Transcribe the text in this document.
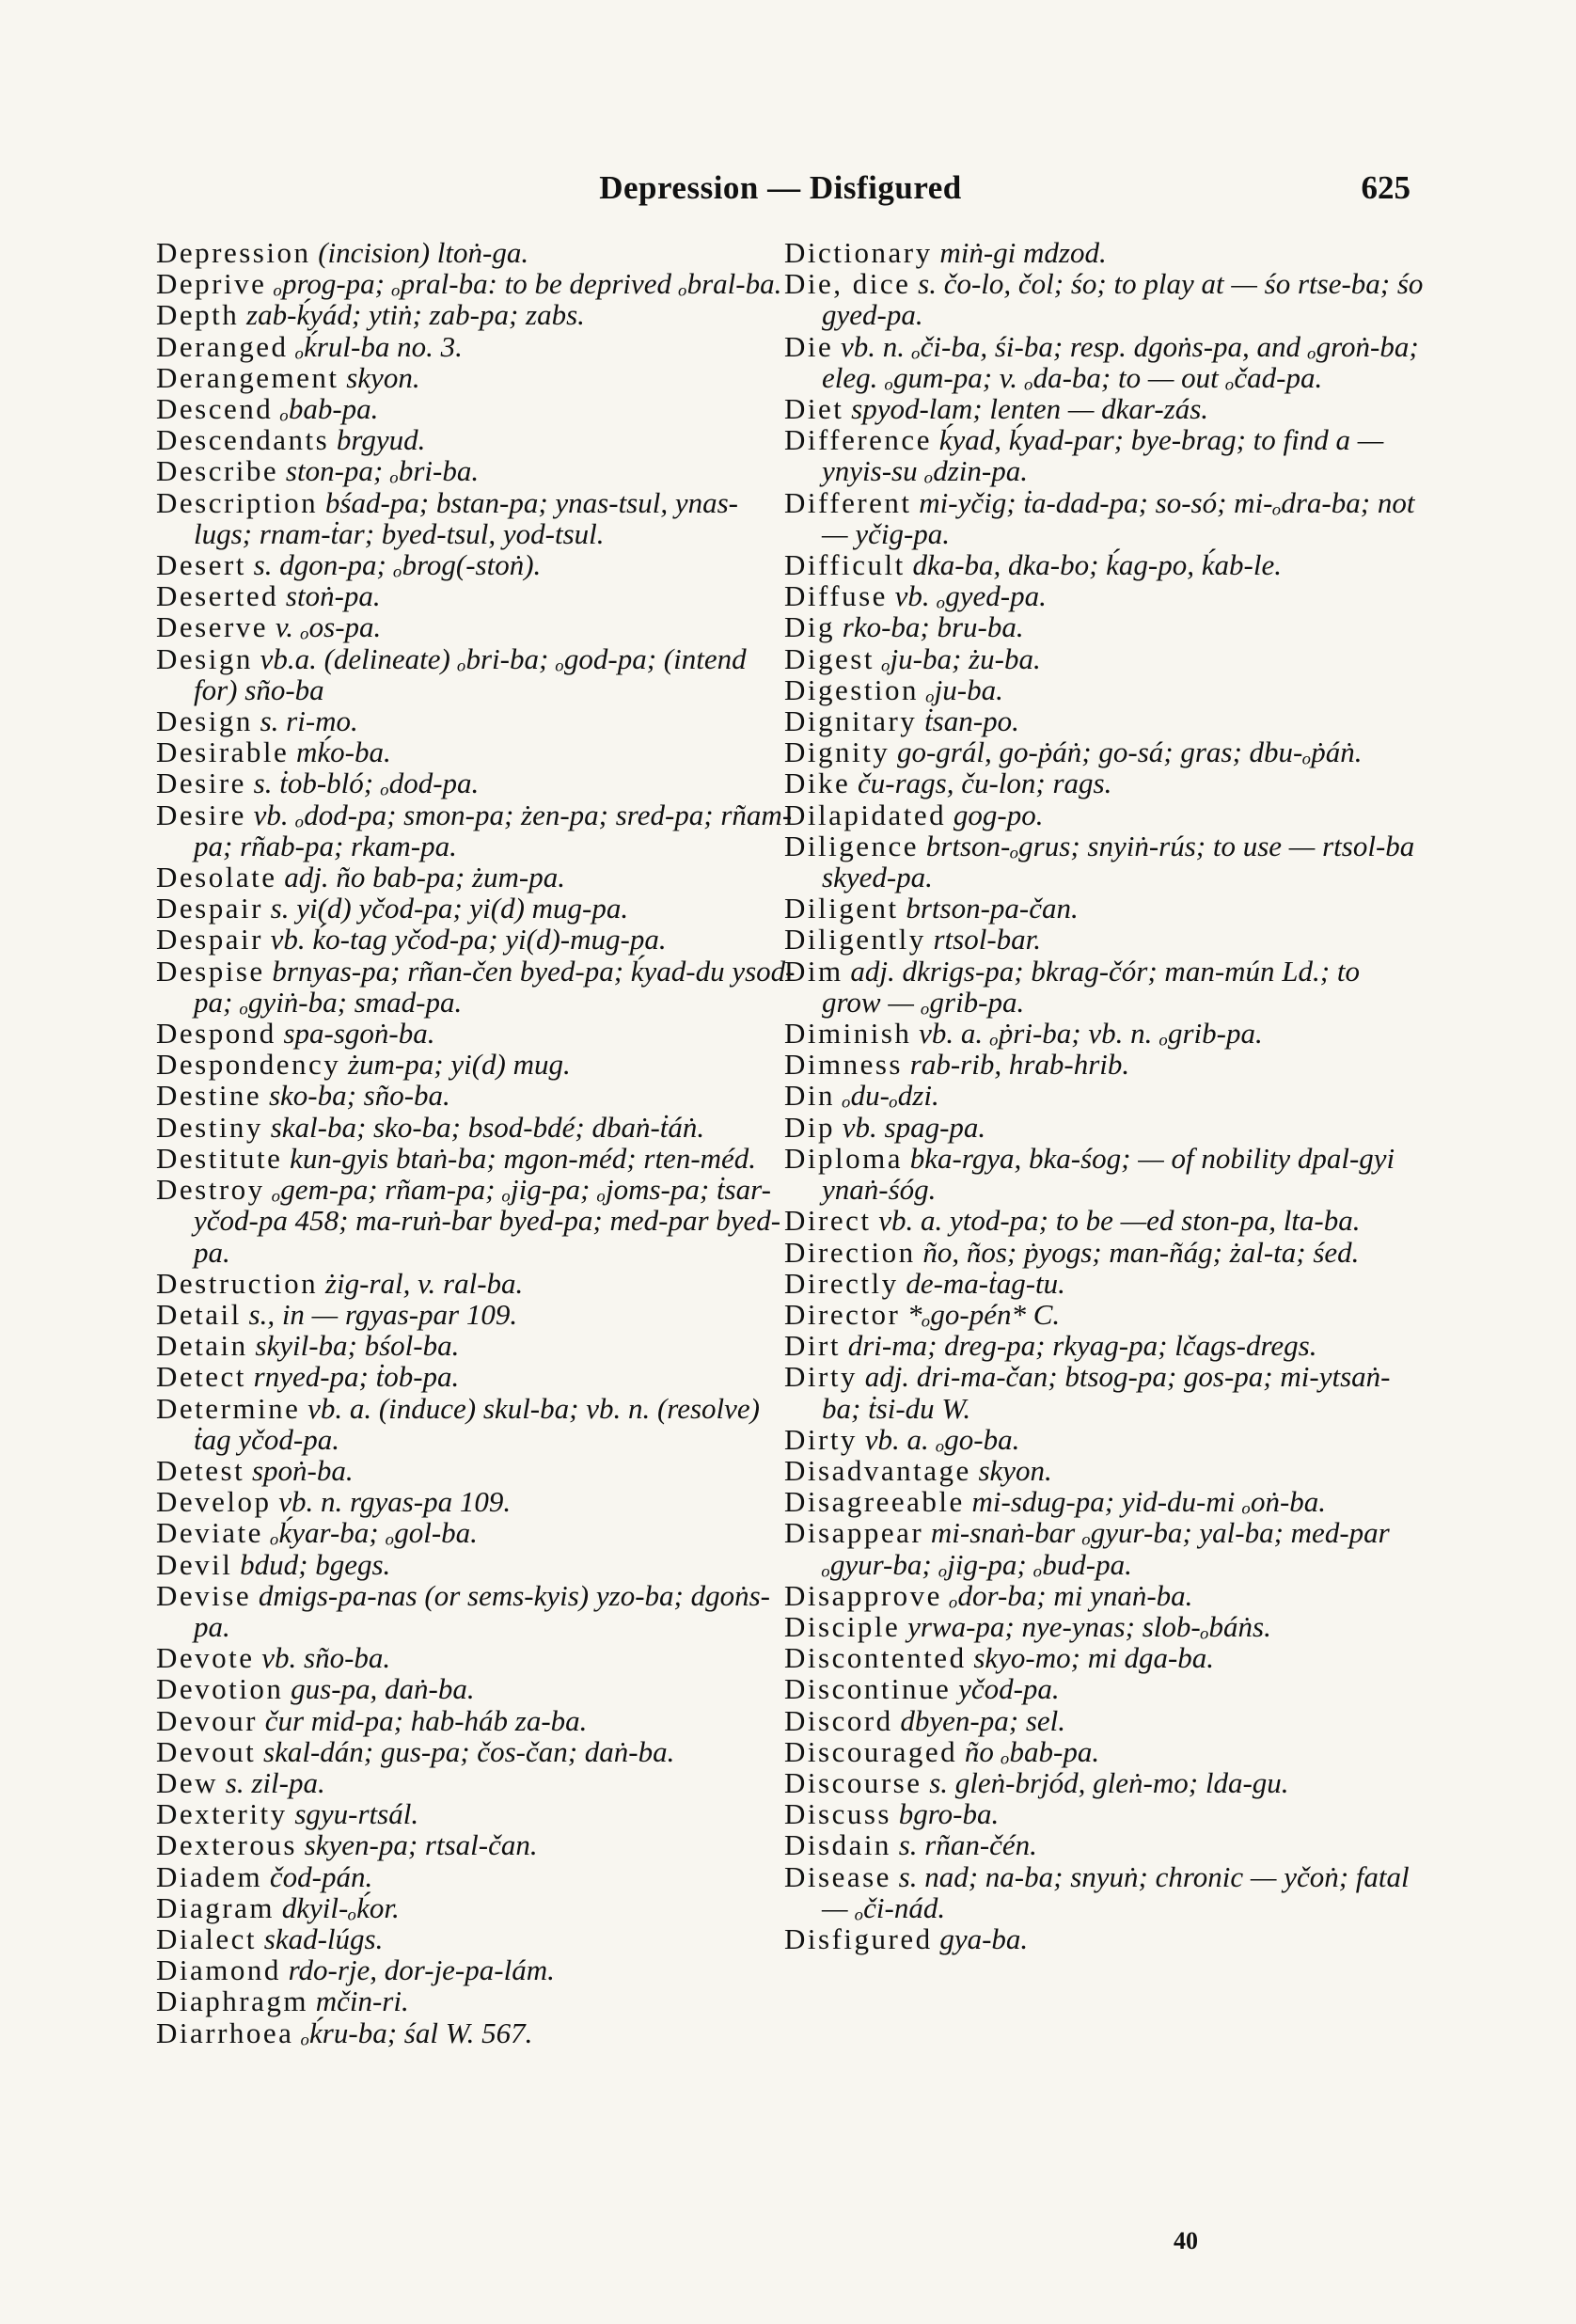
Depression — Disfigured	625
Depression (incision) ltoṅ-ga.
Deprive ₒprog-pa; ₒpral-ba: to be deprived ₒbral-ba.
Depth zab-ḱyád; ytiṅ; zab-pa; zabs.
Deranged ₒḱrul-ba no. 3.
Derangement skyon.
Descend ₒbab-pa.
Descendants brgyud.
Describe ston-pa; ₒbri-ba.
Description bśad-pa; bstan-pa; ynas-tsul, ynas-lugs; rnam-ṫar; byed-tsul, yod-tsul.
Desert s. dgon-pa; ₒbrog(-stoṅ).
Deserted stoṅ-pa.
Deserve v. ₒos-pa.
Design vb.a. (delineate) ₒbri-ba; ₒgod-pa; (intend for) sño-ba
Design s. ri-mo.
Desirable mḱo-ba.
Desire s. ṫob-bló; ₒdod-pa.
Desire vb. ₒdod-pa; smon-pa; żen-pa; sred-pa; rñam-pa; rñab-pa; rkam-pa.
Desolate adj. ño bab-pa; żum-pa.
Despair s. yi(d) yčod-pa; yi(d) mug-pa.
Despair vb. ḱo-tag yčod-pa; yi(d)-mug-pa.
Despise brnyas-pa; rñan-čen byed-pa; ḱyad-du ysod-pa; ₒgyiṅ-ba; smad-pa.
Despond spa-sgoṅ-ba.
Despondency żum-pa; yi(d) mug.
Destine sko-ba; sño-ba.
Destiny skal-ba; sko-ba; bsod-bdé; dbaṅ-ṫáṅ.
Destitute kun-gyis btaṅ-ba; mgon-méd; rten-méd.
Destroy ₒgem-pa; rñam-pa; ₒjig-pa; ₒjoms-pa; ṫsar-yčod-pa 458; ma-ruṅ-bar byed-pa; med-par byed-pa.
Destruction żig-ral, v. ral-ba.
Detail s., in — rgyas-par 109.
Detain skyil-ba; bśol-ba.
Detect rnyed-pa; ṫob-pa.
Determine vb. a. (induce) skul-ba; vb. n. (resolve) ṫag yčod-pa.
Detest spoṅ-ba.
Develop vb. n. rgyas-pa 109.
Deviate ₒḱyar-ba; ₒgol-ba.
Devil bdud; bgegs.
Devise dmigs-pa-nas (or sems-kyis) yzo-ba; dgoṅs-pa.
Devote vb. sño-ba.
Devotion gus-pa, daṅ-ba.
Devour čur mid-pa; hab-háb za-ba.
Devout skal-dán; gus-pa; čos-čan; daṅ-ba.
Dew s. zil-pa.
Dexterity sgyu-rtsál.
Dexterous skyen-pa; rtsal-čan.
Diadem čod-pán.
Diagram dkyil-ₒḱor.
Dialect skad-lúgs.
Diamond rdo-rje, dor-je-pa-lám.
Diaphragm mčin-ri.
Diarrhoea ₒḱru-ba; śal W. 567.
Dictionary miṅ-gi mdzod.
Die, dice s. čo-lo, čol; śo; to play at — śo rtse-ba; śo gyed-pa.
Die vb. n. ₒči-ba, śi-ba; resp. dgoṅs-pa, and ₒgroṅ-ba; eleg. ₒgum-pa; v. ₒda-ba; to — out ₒčad-pa.
Diet spyod-lam; lenten — dkar-zás.
Difference ḱyad, ḱyad-par; bye-brag; to find a — ynyis-su ₒdzin-pa.
Different mi-yčig; ṫa-dad-pa; so-só; mi-ₒdra-ba; not — yčig-pa.
Difficult dka-ba, dka-bo; ḱag-po, ḱab-le.
Diffuse vb. ₒgyed-pa.
Dig rko-ba; bru-ba.
Digest ₒju-ba; żu-ba.
Digestion ₒju-ba.
Dignitary ṫsan-po.
Dignity go-grál, go-ṗáṅ; go-sá; gras; dbu-ₒṗáṅ.
Dike ču-rags, ču-lon; rags.
Dilapidated gog-po.
Diligence brtson-ₒgrus; snyiṅ-rús; to use — rtsol-ba skyed-pa.
Diligent brtson-pa-čan.
Diligently rtsol-bar.
Dim adj. dkrigs-pa; bkrag-čór; man-mún Ld.; to grow — ₒgrib-pa.
Diminish vb. a. ₒṗri-ba; vb. n. ₒgrib-pa.
Dimness rab-rib, hrab-hrib.
Din ₒdu-ₒdzi.
Dip vb. spag-pa.
Diploma bka-rgya, bka-śog; — of nobility dpal-gyi ynaṅ-śóg.
Direct vb. a. ytod-pa; to be —ed ston-pa, lta-ba.
Direction ño, ños; ṗyogs; man-ñág; żal-ta; śed.
Directly de-ma-ṫag-tu.
Director *ₒgo-pén* C.
Dirt dri-ma; dreg-pa; rkyag-pa; lčags-dregs.
Dirty adj. dri-ma-čan; btsog-pa; gos-pa; mi-ytsaṅ-ba; ṫsi-du W.
Dirty vb. a. ₒgo-ba.
Disadvantage skyon.
Disagreeable mi-sdug-pa; yid-du-mi ₒoṅ-ba.
Disappear mi-snaṅ-bar ₒgyur-ba; yal-ba; med-par ₒgyur-ba; ₒjig-pa; ₒbud-pa.
Disapprove ₒdor-ba; mi ynaṅ-ba.
Disciple yrwa-pa; nye-ynas; slob-ₒbáṅs.
Discontented skyo-mo; mi dga-ba.
Discontinue yčod-pa.
Discord dbyen-pa; sel.
Discouraged ño ₒbab-pa.
Discourse s. gleṅ-brjód, gleṅ-mo; lda-gu.
Discuss bgro-ba.
Disdain s. rñan-čén.
Disease s. nad; na-ba; snyuṅ; chronic — yčoṅ; fatal — ₒči-nád.
Disfigured gya-ba.
40
